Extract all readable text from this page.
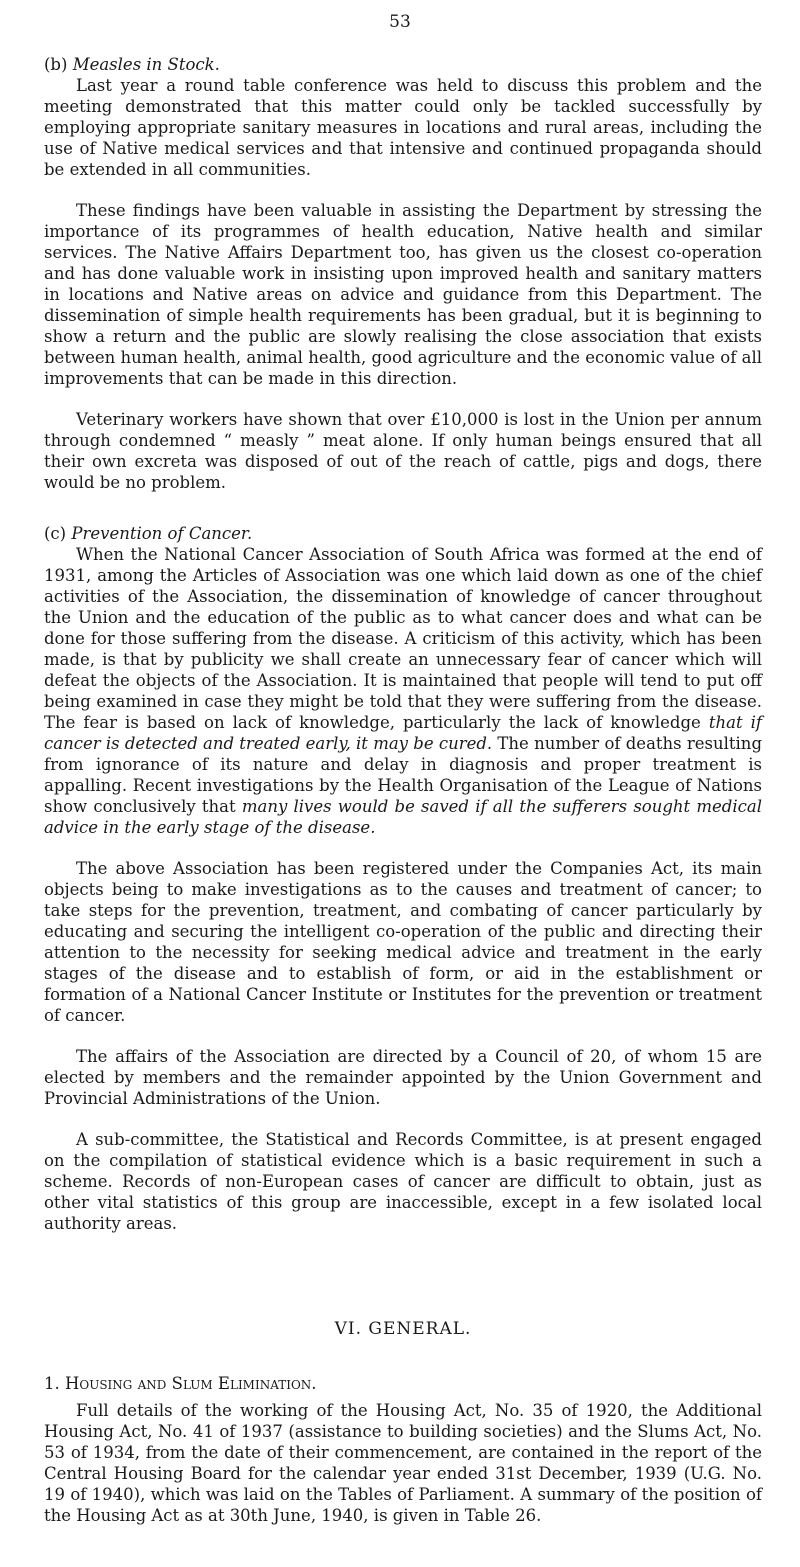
53
(b) Measles in Stock.

Last year a round table conference was held to discuss this problem and the meeting demonstrated that this matter could only be tackled successfully by employing appropriate sanitary measures in locations and rural areas, including the use of Native medical services and that intensive and continued propaganda should be extended in all communities.

These findings have been valuable in assisting the Department by stressing the importance of its programmes of health education, Native health and similar services. The Native Affairs Department too, has given us the closest co-operation and has done valuable work in insisting upon improved health and sanitary matters in locations and Native areas on advice and guidance from this Department. The dissemination of simple health requirements has been gradual, but it is beginning to show a return and the public are slowly realising the close association that exists between human health, animal health, good agriculture and the economic value of all improvements that can be made in this direction.

Veterinary workers have shown that over £10,000 is lost in the Union per annum through condemned “ measly ” meat alone. If only human beings ensured that all their own excreta was disposed of out of the reach of cattle, pigs and dogs, there would be no problem.

(c) Prevention of Cancer.

When the National Cancer Association of South Africa was formed at the end of 1931, among the Articles of Association was one which laid down as one of the chief activities of the Association, the dissemination of knowledge of cancer throughout the Union and the education of the public as to what cancer does and what can be done for those suffering from the disease. A criticism of this activity, which has been made, is that by publicity we shall create an unnecessary fear of cancer which will defeat the objects of the Association. It is maintained that people will tend to put off being examined in case they might be told that they were suffering from the disease. The fear is based on lack of knowledge, particularly the lack of knowledge that if cancer is detected and treated early, it may be cured. The number of deaths resulting from ignorance of its nature and delay in diagnosis and proper treatment is appalling. Recent investigations by the Health Organisation of the League of Nations show conclusively that many lives would be saved if all the sufferers sought medical advice in the early stage of the disease.

The above Association has been registered under the Companies Act, its main objects being to make investigations as to the causes and treatment of cancer; to take steps for the prevention, treatment, and combating of cancer particularly by educating and securing the intelligent co-operation of the public and directing their attention to the necessity for seeking medical advice and treatment in the early stages of the disease and to establish of form, or aid in the establishment or formation of a National Cancer Institute or Institutes for the prevention or treatment of cancer.

The affairs of the Association are directed by a Council of 20, of whom 15 are elected by members and the remainder appointed by the Union Government and Provincial Administrations of the Union.

A sub-committee, the Statistical and Records Committee, is at present engaged on the compilation of statistical evidence which is a basic requirement in such a scheme. Records of non-European cases of cancer are difficult to obtain, just as other vital statistics of this group are inaccessible, except in a few isolated local authority areas.

VI. GENERAL.
1. Housing and Slum Elimination.

Full details of the working of the Housing Act, No. 35 of 1920, the Additional Housing Act, No. 41 of 1937 (assistance to building societies) and the Slums Act, No. 53 of 1934, from the date of their commencement, are contained in the report of the Central Housing Board for the calendar year ended 31st December, 1939 (U.G. No. 19 of 1940), which was laid on the Tables of Parliament. A summary of the position of the Housing Act as at 30th June, 1940, is given in Table 26.
